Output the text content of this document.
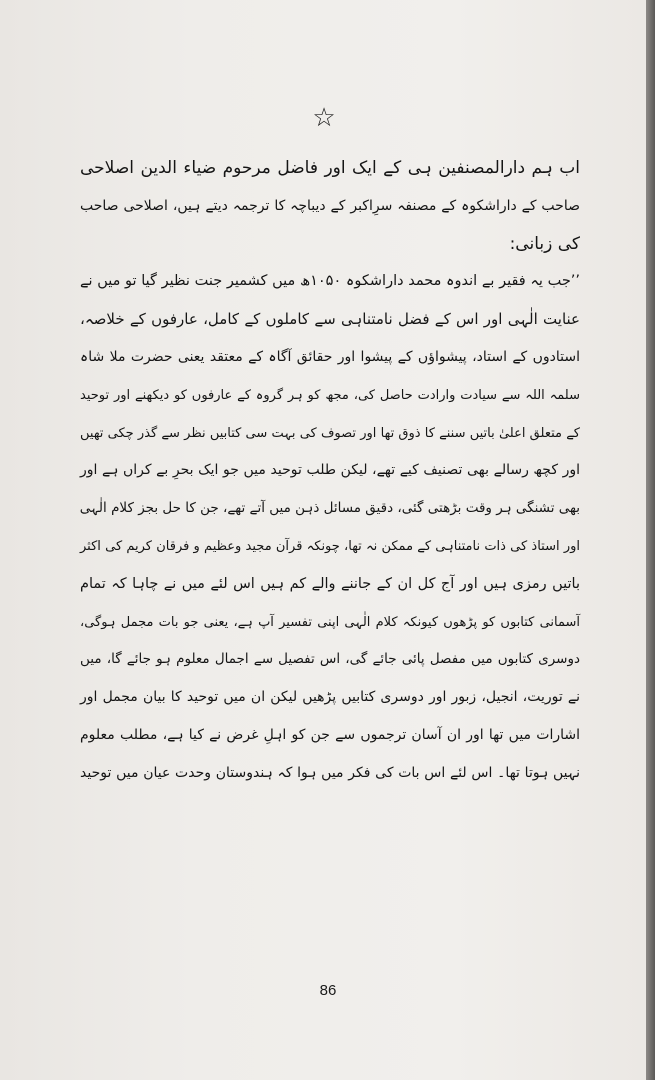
☆
اب ہم دارالمصنفین ہی کے ایک اور فاضل مرحوم ضیاء الدین اصلاحی
صاحب کے داراشکوہ کے مصنفہ سرِاکبر کے دیباچہ کا ترجمہ دیتے ہیں، اصلاحی صاحب
کی زبانی:
’’جب یہ فقیر بے اندوہ محمد داراشکوہ ۱۰۵۰ھ میں کشمیر جنت نظیر گیا تو میں نے
عنایت الٰہی اور اس کے فضل نامتناہی سے کاملوں کے کامل، عارفوں کے خلاصہ،
استادوں کے استاد، پیشواؤں کے پیشوا اور حقائق آگاہ کے معتقد یعنی حضرت ملا شاہ
سلمہ اللہ سے سیادت وارادت حاصل کی، مجھ کو ہر گروہ کے عارفوں کو دیکھنے اور توحید
کے متعلق اعلیٰ باتیں سننے کا ذوق تھا اور تصوف کی بہت سی کتابیں نظر سے گذر چکی تھیں
اور کچھ رسالے بھی تصنیف کیے تھے، لیکن طلب توحید میں جو ایک بحرِ بے کراں ہے اور
بھی تشنگی ہر وقت بڑھتی گئی، دقیق مسائل ذہن میں آتے تھے، جن کا حل بجز کلام الٰہی
اور استاذ کی ذات نامتناہی کے ممکن نہ تھا، چونکہ قرآن مجید وعظیم و فرقان کریم کی اکثر
باتیں رمزی ہیں اور آج کل ان کے جاننے والے کم ہیں اس لئے میں نے چاہا کہ تمام
آسمانی کتابوں کو پڑھوں کیونکہ کلام الٰہی اپنی تفسیر آپ ہے، یعنی جو بات مجمل ہوگی،
دوسری کتابوں میں مفصل پائی جائے گی، اس تفصیل سے اجمال معلوم ہو جائے گا، میں
نے توریت، انجیل، زبور اور دوسری کتابیں پڑھیں لیکن ان میں توحید کا بیان مجمل اور
اشارات میں تھا اور ان آسان ترجموں سے جن کو اہلِ غرض نے کیا ہے، مطلب معلوم
نہیں ہوتا تھا۔ اس لئے اس بات کی فکر میں ہوا کہ ہندوستان وحدت عیان میں توحید
86
